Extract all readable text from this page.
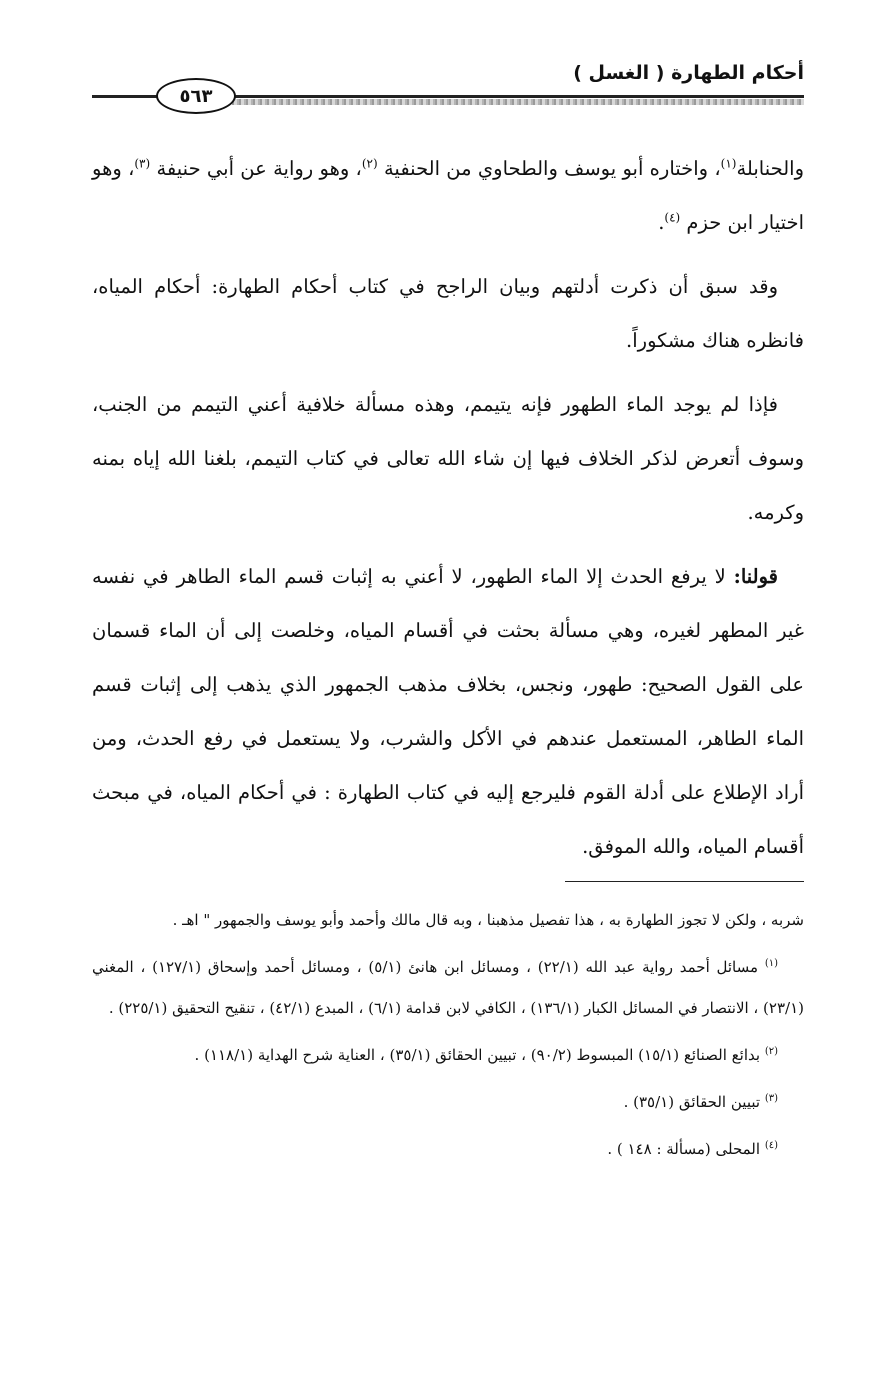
أحكام الطهارة ( الغسل )
٥٦٣

والحنابلة$^{(١)}$، واختاره أبو يوسف والطحاوي من الحنفية $^{(٢)}$، وهو رواية عن أبي حنيفة $^{(٣)}$، وهو اختيار ابن حزم $^{(٤)}$.

وقد سبق أن ذكرت أدلتهم وبيان الراجح في كتاب أحكام الطهارة: أحكام المياه، فانظره هناك مشكوراً.

فإذا لم يوجد الماء الطهور فإنه يتيمم، وهذه مسألة خلافية أعني التيمم من الجنب، وسوف أتعرض لذكر الخلاف فيها إن شاء الله تعالى في كتاب التيمم، بلغنا الله إياه بمنه وكرمه.

قولنا: لا يرفع الحدث إلا الماء الطهور، لا أعني به إثبات قسم الماء الطاهر في نفسه غير المطهر لغيره، وهي مسألة بحثت في أقسام المياه، وخلصت إلى أن الماء قسمان على القول الصحيح: طهور، ونجس، بخلاف مذهب الجمهور الذي يذهب إلى إثبات قسم الماء الطاهر، المستعمل عندهم في الأكل والشرب، ولا يستعمل في رفع الحدث، ومن أراد الإطلاع على أدلة القوم فليرجع إليه في كتاب الطهارة : في أحكام المياه، في مبحث أقسام المياه، والله الموفق.

شربه ، ولكن لا تجوز الطهارة به ، هذا تفصيل مذهبنا ، وبه قال مالك وأحمد وأبو يوسف والجمهور " اهـ .

$^{(١)}$ مسائل أحمد رواية عبد الله (٢٢/١) ، ومسائل ابن هانئ (٥/١) ، ومسائل أحمد وإسحاق (١٢٧/١) ، المغني (٢٣/١) ، الانتصار في المسائل الكبار (١٣٦/١) ، الكافي لابن قدامة (٦/١) ، المبدع (٤٢/١) ، تنقيح التحقيق (٢٢٥/١) .

$^{(٢)}$ بدائع الصنائع (١٥/١) المبسوط (٩٠/٢) ، تبيين الحقائق (٣٥/١) ، العناية شرح الهداية (١١٨/١) .

$^{(٣)}$ تبيين الحقائق (٣٥/١) .

$^{(٤)}$ المحلى (مسألة : ١٤٨ ) .
